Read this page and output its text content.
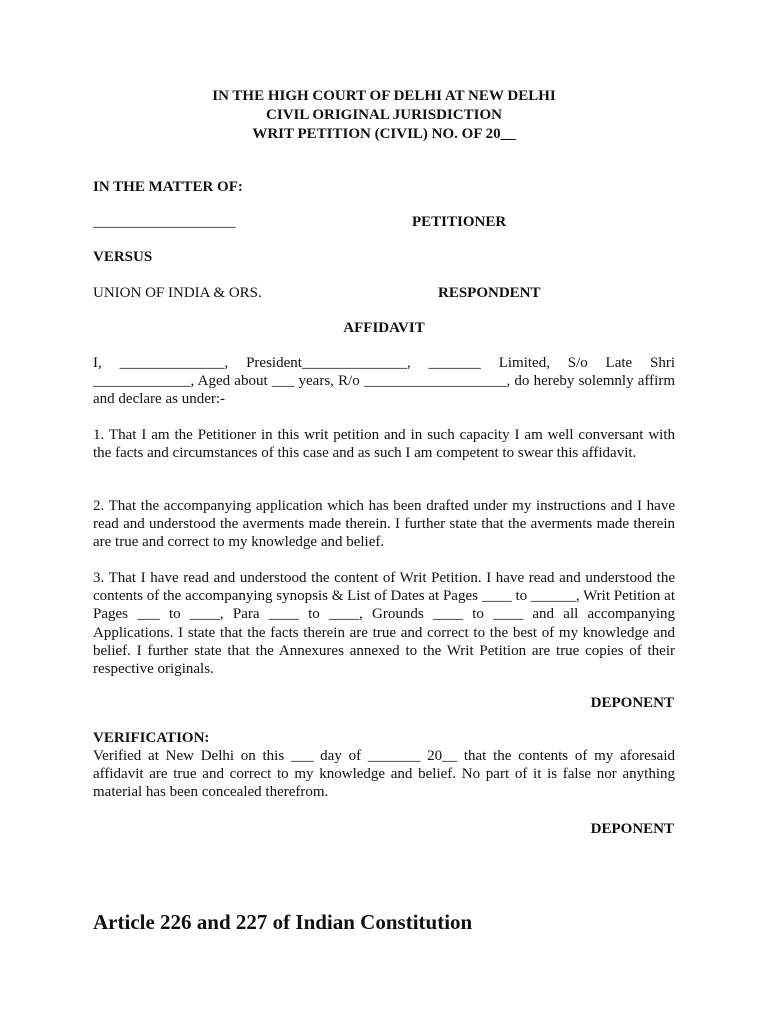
IN THE HIGH COURT OF DELHI AT NEW DELHI
CIVIL ORIGINAL JURISDICTION
WRIT PETITION (CIVIL) NO. OF 20__
IN THE MATTER OF:
___________________	PETITIONER
VERSUS
UNION OF INDIA & ORS.	RESPONDENT
AFFIDAVIT
I, ______________, President______________, _______ Limited, S/o Late Shri _____________, Aged about ___ years, R/o ___________________, do hereby solemnly affirm and declare as under:-
1. That I am the Petitioner in this writ petition and in such capacity I am well conversant with the facts and circumstances of this case and as such I am competent to swear this affidavit.
2. That the accompanying application which has been drafted under my instructions and I have read and understood the averments made therein. I further state that the averments made therein are true and correct to my knowledge and belief.
3. That I have read and understood the content of Writ Petition. I have read and understood the contents of the accompanying synopsis & List of Dates at Pages ____ to ______, Writ Petition at Pages ___ to ____, Para ____ to ____, Grounds ____ to ____ and all accompanying Applications. I state that the facts therein are true and correct to the best of my knowledge and belief. I further state that the Annexures annexed to the Writ Petition are true copies of their respective originals.
DEPONENT
VERIFICATION:
Verified at New Delhi on this ___ day of _______ 20__ that the contents of my aforesaid affidavit are true and correct to my knowledge and belief. No part of it is false nor anything material has been concealed therefrom.
DEPONENT
Article 226 and 227 of Indian Constitution
